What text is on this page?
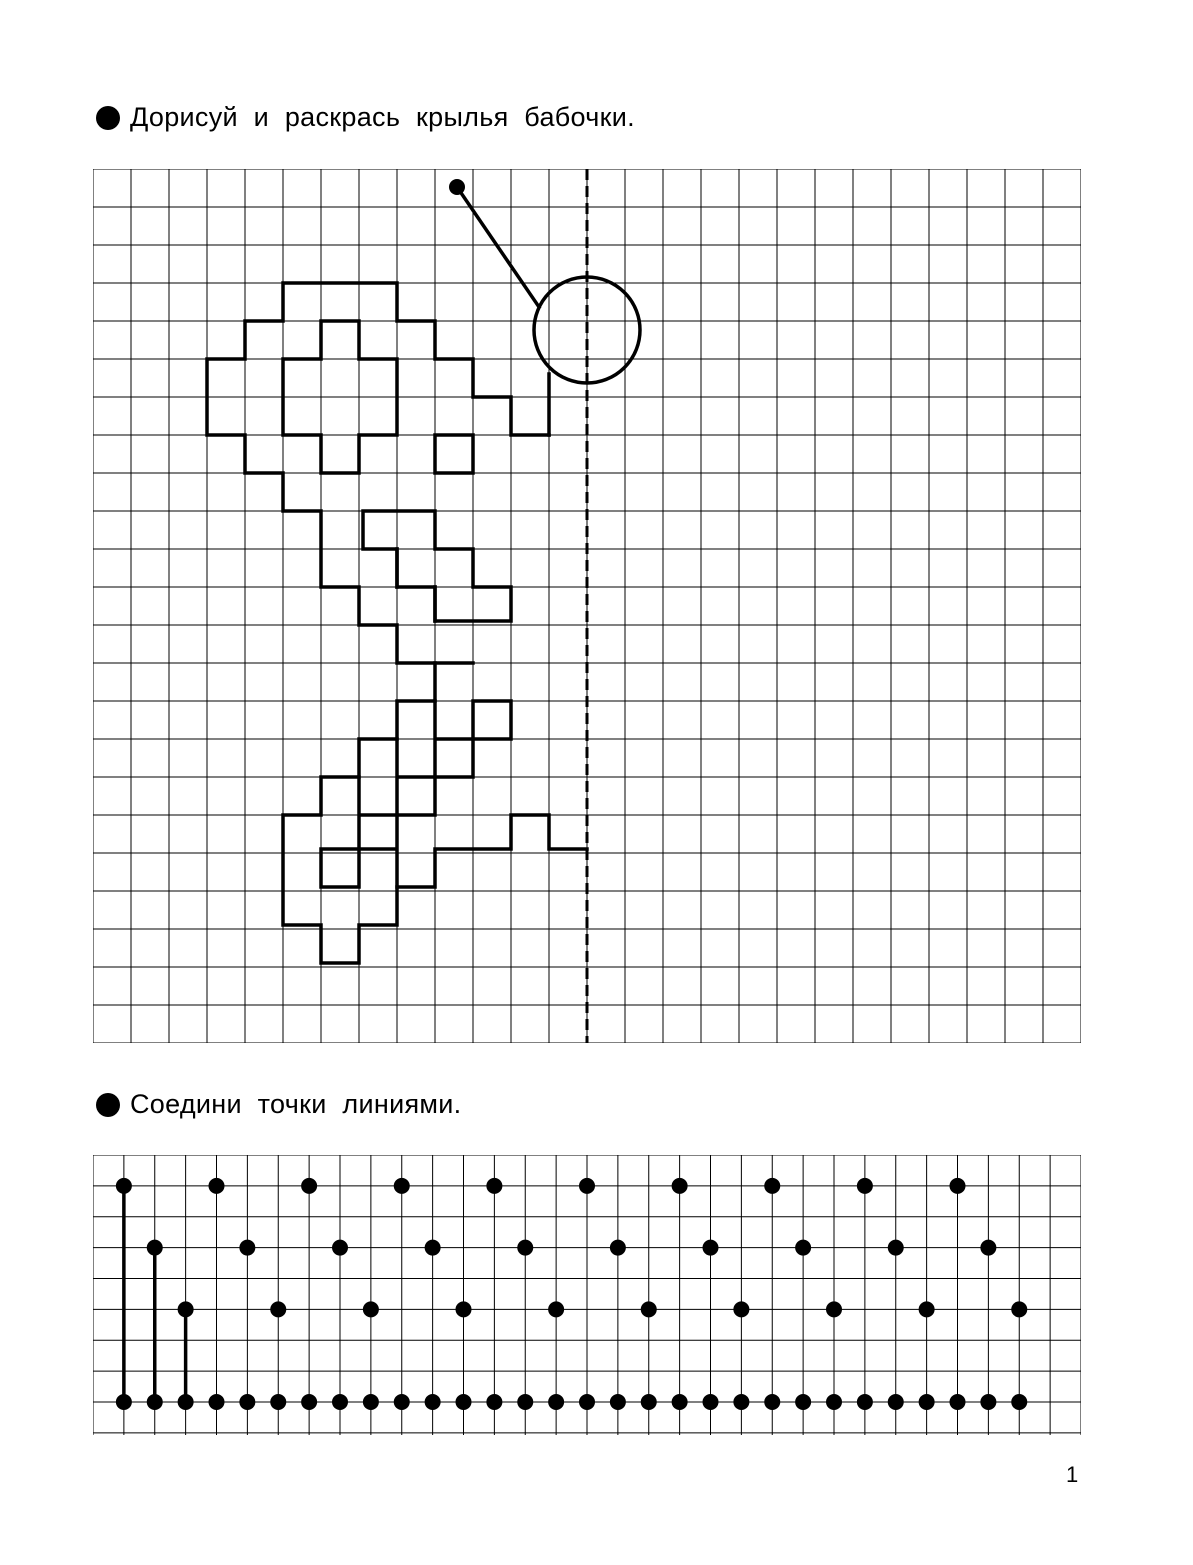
Дорисуй и раскрась крылья бабочки.
Соедини точки линиями.
1
